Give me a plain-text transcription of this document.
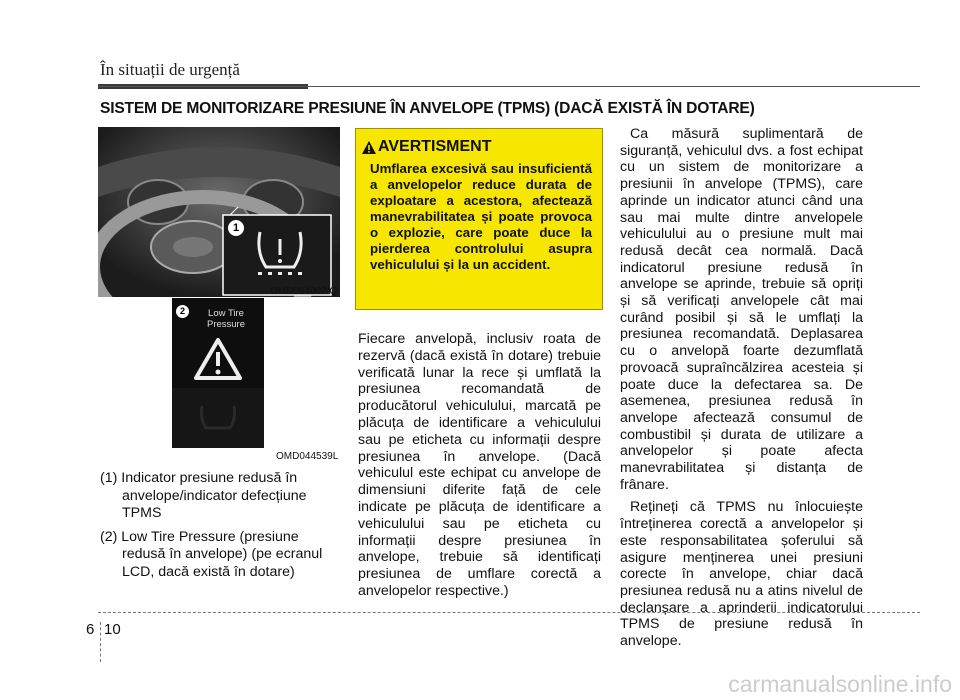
În situații de urgență
SISTEM DE MONITORIZARE PRESIUNE ÎN ANVELOPE (TPMS) (DACĂ EXISTĂ ÎN DOTARE)
1
OMD064002/Q
Low Tire Pressure
2
OMD044539L

(1) Indicator presiune redusă în anvelope/indicator defecțiune TPMS

(2) Low Tire Pressure (presiune redusă în anvelope) (pe ecranul LCD, dacă există în dotare)

AVERTISMENT
Umflarea excesivă sau insuficientă a anvelopelor reduce durata de exploatare a acestora, afectează manevrabilitatea și poate provoca o explozie, care poate duce la pierderea controlului asupra vehiculului și la un accident.
Fiecare anvelopă, inclusiv roata de rezervă (dacă există în dotare) trebuie verificată lunar la rece și umflată la presiunea recomandată de producătorul vehiculului, marcată pe plăcuța de identificare a vehiculului sau pe eticheta cu informații despre presiunea în anvelope. (Dacă vehiculul este echipat cu anvelope de dimensiuni diferite față de cele indicate pe plăcuța de identificare a vehiculului sau pe eticheta cu informații despre presiunea în anvelope, trebuie să identificați presiunea de umflare corectă a anvelopelor respective.)

Ca măsură suplimentară de siguranță, vehiculul dvs. a fost echipat cu un sistem de monitorizare a presiunii în anvelope (TPMS), care aprinde un indicator atunci când una sau mai multe dintre anvelopele vehiculului au o presiune mult mai redusă decât cea normală. Dacă indicatorul presiune redusă în anvelope se aprinde, trebuie să opriți și să verificați anvelopele cât mai curând posibil și să le umflați la presiunea recomandată. Deplasarea cu o anvelopă foarte dezumflată provoacă supraîncălzirea acesteia și poate duce la defectarea sa. De asemenea, presiunea redusă în anvelope afectează consumul de combustibil și durata de utilizare a anvelopelor și poate afecta manevrabilitatea și distanța de frânare.

Rețineți că TPMS nu înlocuiește întreținerea corectă a anvelopelor și este responsabilitatea șoferului să asigure menținerea unei presiuni corecte în anvelope, chiar dacă presiunea redusă nu a atins nivelul de declanșare a aprinderii indicatorului TPMS de presiune redusă în anvelope.

6 10
carmanualsonline.info
